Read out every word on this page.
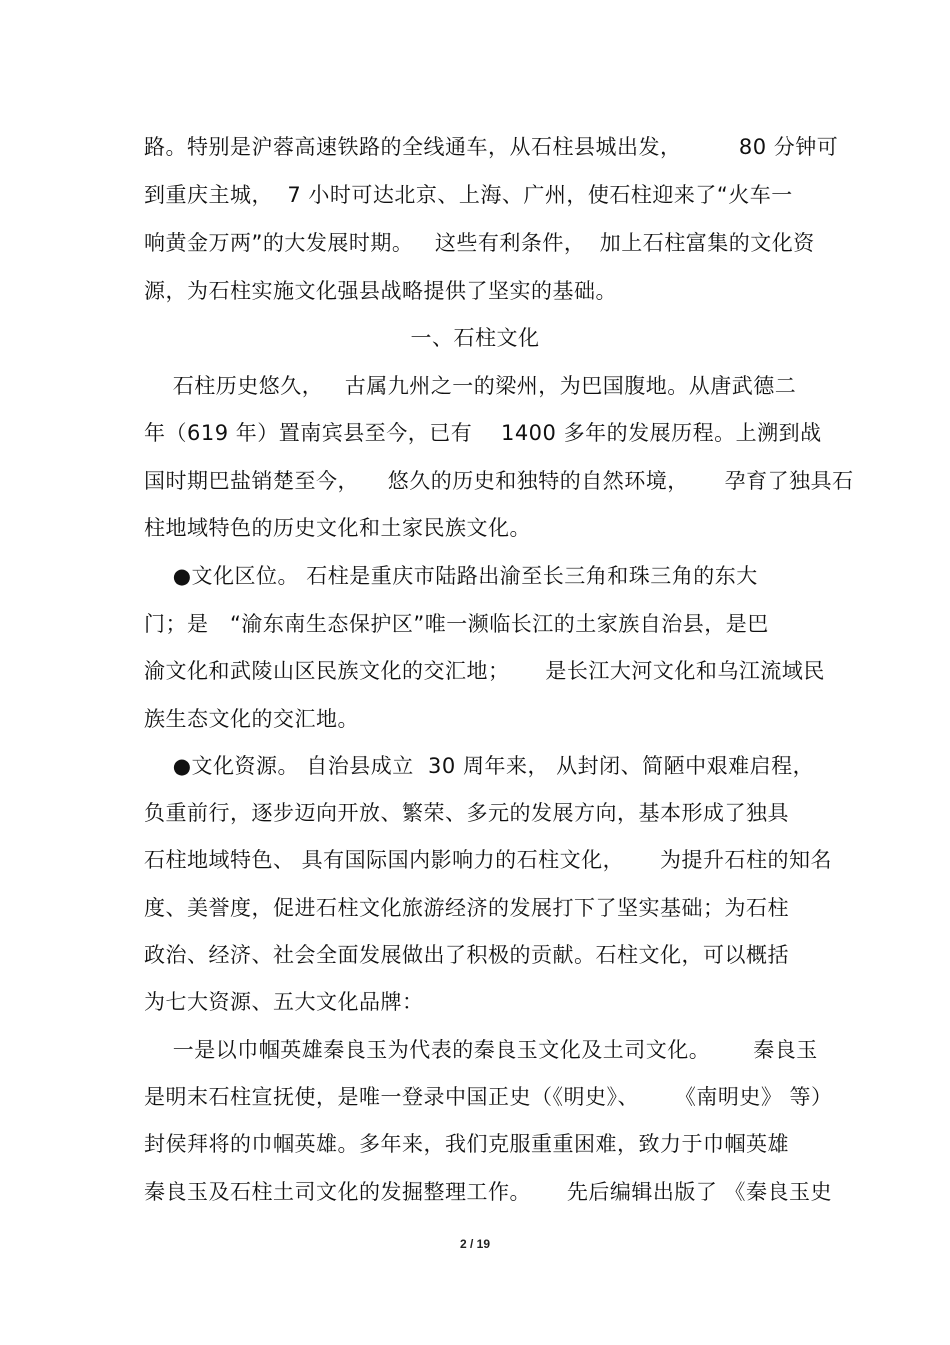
路。特别是沪蓉高速铁路的全线通车，从石柱县城出发，        80 分钟可
到重庆主城，  7 小时可达北京、上海、广州，使石柱迎来了“火车一
响黄金万两”的大发展时期。   这些有利条件，  加上石柱富集的文化资
源，为石柱实施文化强县战略提供了坚实的基础。
一、石柱文化
石柱历史悠久，   古属九州之一的梁州，为巴国腹地。从唐武德二
年（619 年）置南宾县至今，已有    1400 多年的发展历程。上溯到战
国时期巴盐销楚至今，    悠久的历史和独特的自然环境，     孕育了独具石
柱地域特色的历史文化和土家民族文化。
●文化区位。 石柱是重庆市陆路出渝至长三角和珠三角的东大
门；是   “渝东南生态保护区”唯一濒临长江的土家族自治县，是巴
渝文化和武陵山区民族文化的交汇地；     是长江大河文化和乌江流域民
族生态文化的交汇地。
●文化资源。 自治县成立  30 周年来， 从封闭、简陋中艰难启程，
负重前行，逐步迈向开放、繁荣、多元的发展方向，基本形成了独具
石柱地域特色、 具有国际国内影响力的石柱文化，     为提升石柱的知名
度、美誉度，促进石柱文化旅游经济的发展打下了坚实基础；为石柱
政治、经济、社会全面发展做出了积极的贡献。石柱文化，可以概括
为七大资源、五大文化品牌：
一是以巾帼英雄秦良玉为代表的秦良玉文化及土司文化。      秦良玉
是明末石柱宣抚使，是唯一登录中国正史（《明史》、     《南明史》 等）
封侯拜将的巾帼英雄。多年来，我们克服重重困难，致力于巾帼英雄
秦良玉及石柱土司文化的发掘整理工作。     先后编辑出版了 《秦良玉史
2 / 19
